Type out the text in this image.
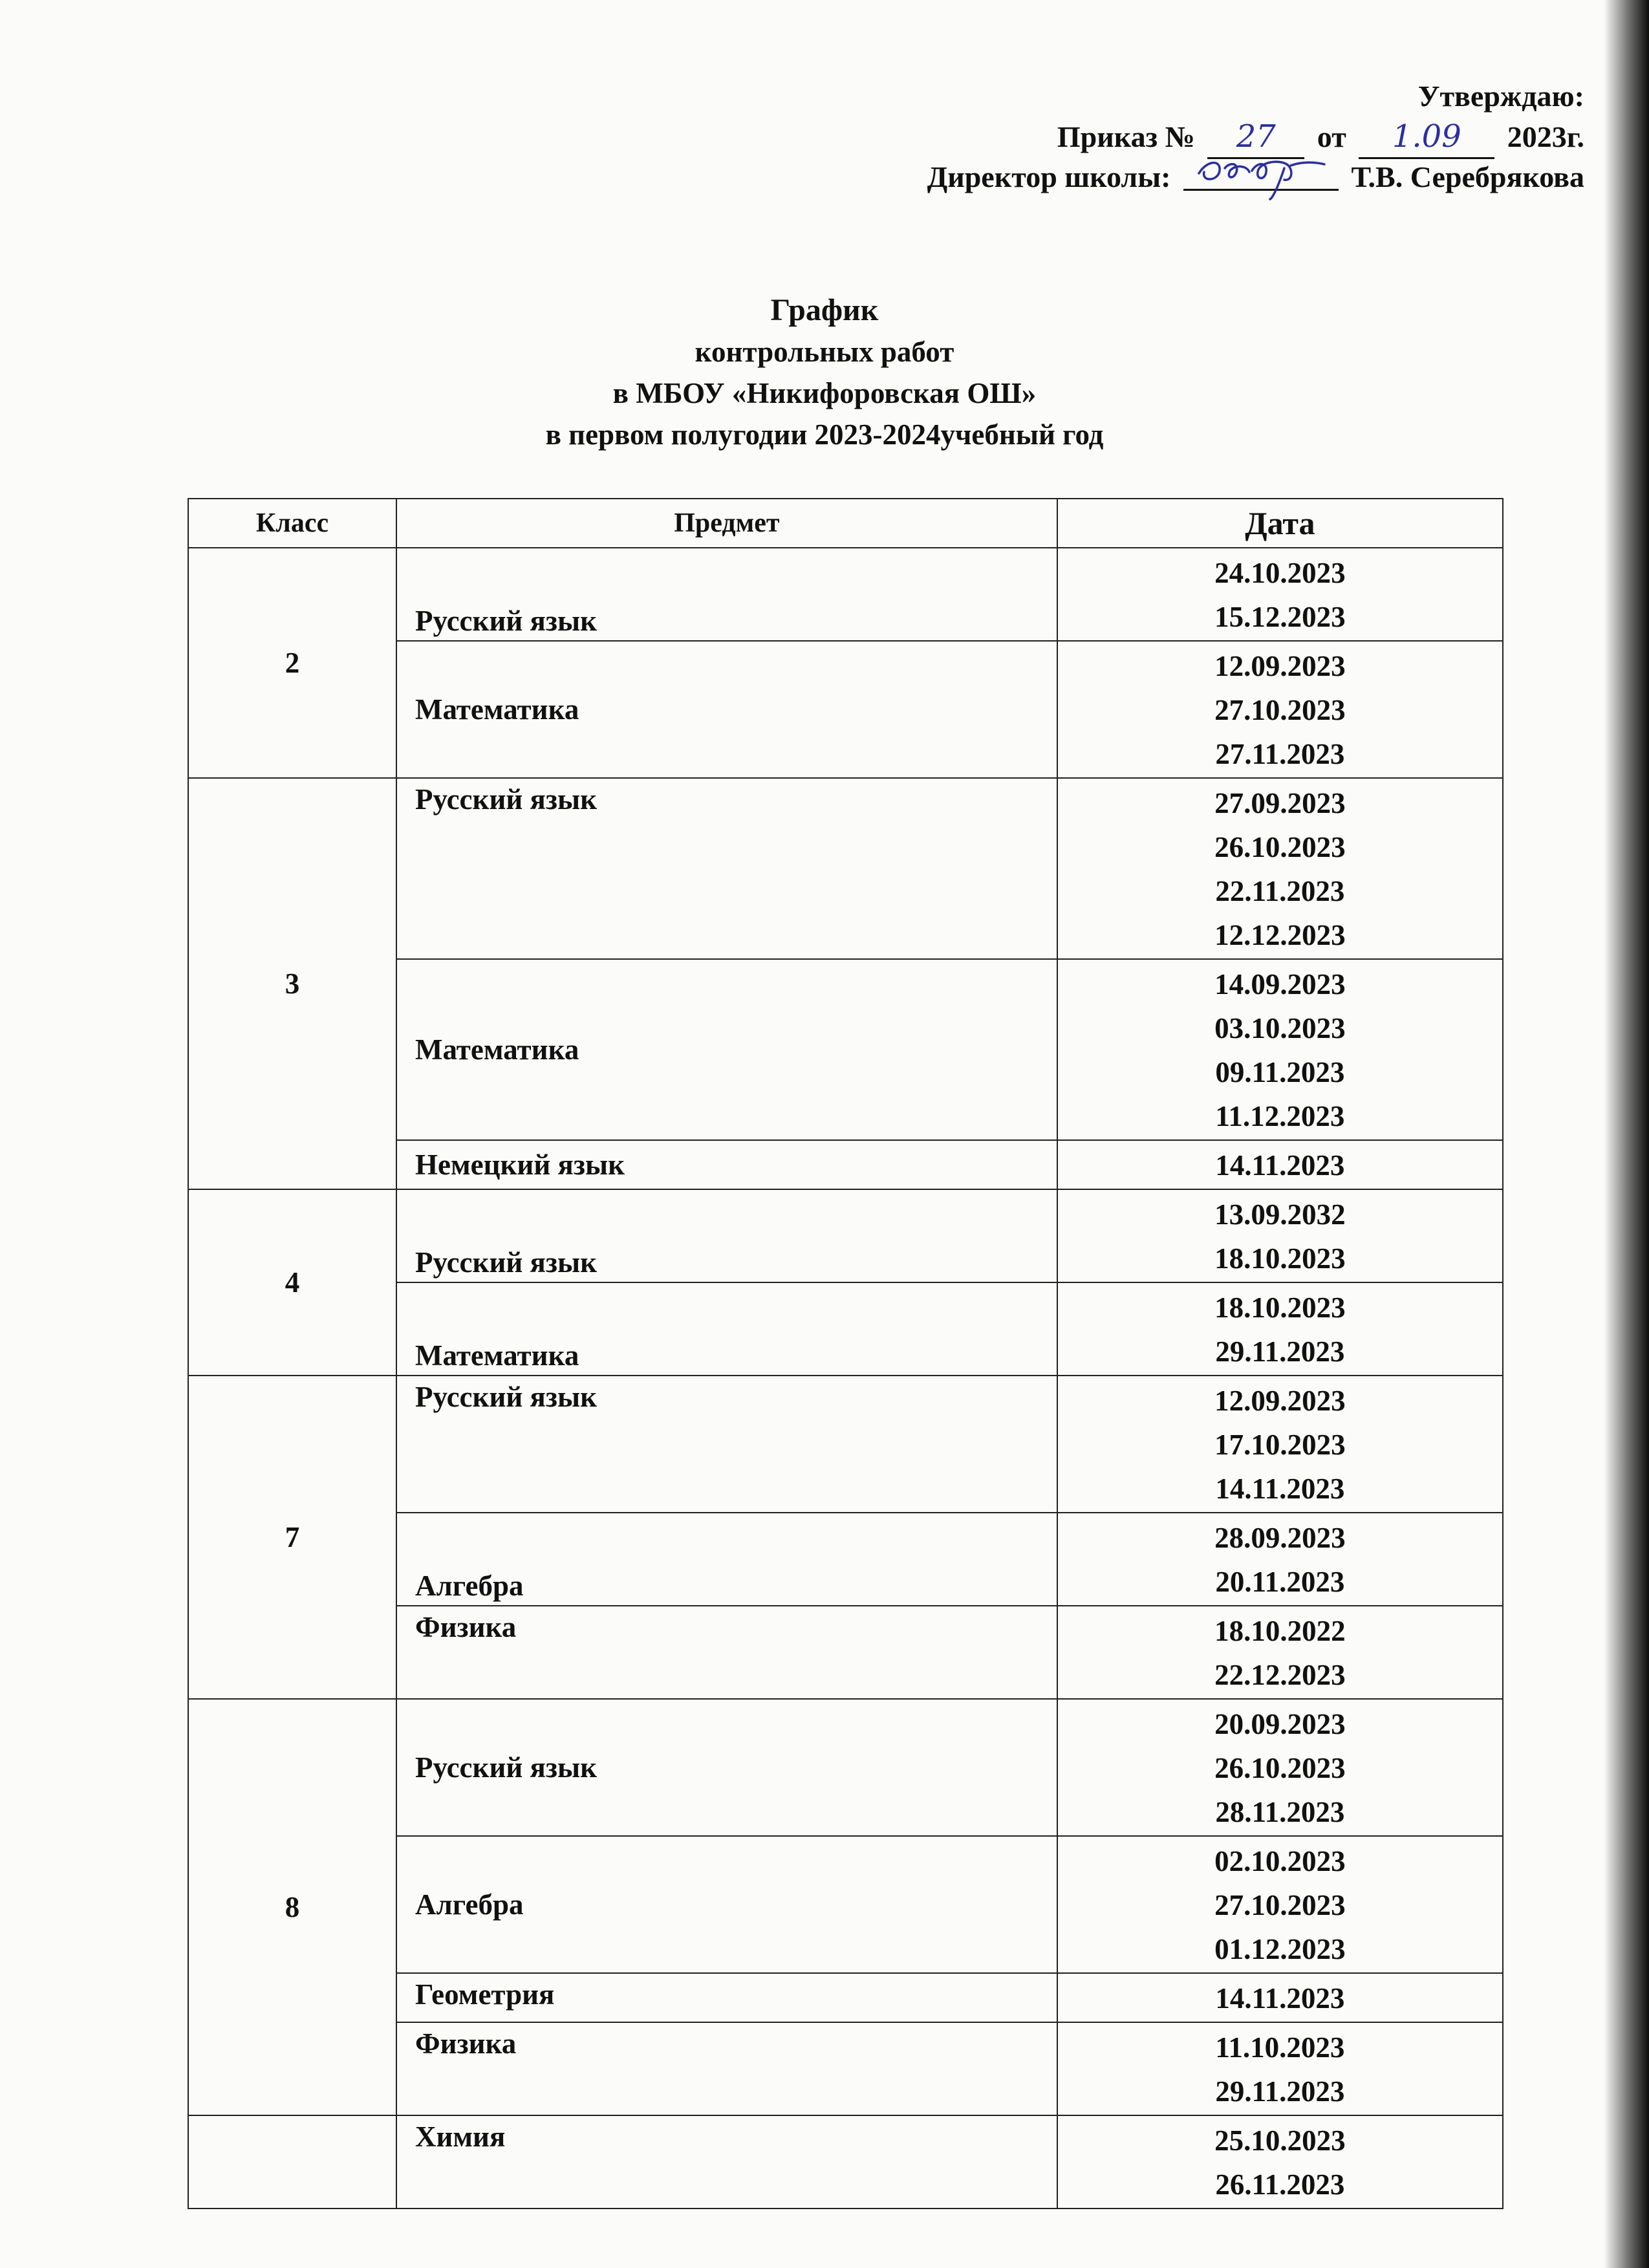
Утверждаю:
Приказ № 27 от 1.09 2023г.
Директор школы:	Т.В. Серебрякова
График
контрольных работ
в МБОУ «Никифоровская ОШ»
в первом полугодии 2023-2024учебный год
Класс	Предмет	Дата
2	Русский язык	24.10.2023
15.12.2023

	Математика	12.09.2023
27.10.2023
27.11.2023

3	Русский язык	27.09.2023
26.10.2023
22.11.2023
12.12.2023

	Математика	14.09.2023
03.10.2023
09.11.2023
11.12.2023

	Немецкий язык	14.11.2023

4	Русский язык	13.09.2032
18.10.2023

	Математика	18.10.2023
29.11.2023

7	Русский язык	12.09.2023
17.10.2023
14.11.2023

	Алгебра	28.09.2023
20.11.2023

	Физика	18.10.2022
22.12.2023

8	Русский язык	20.09.2023
26.10.2023
28.11.2023

	Алгебра	02.10.2023
27.10.2023
01.12.2023

	Геометрия	14.11.2023

	Физика	11.10.2023
29.11.2023

	Химия	25.10.2023
26.11.2023
